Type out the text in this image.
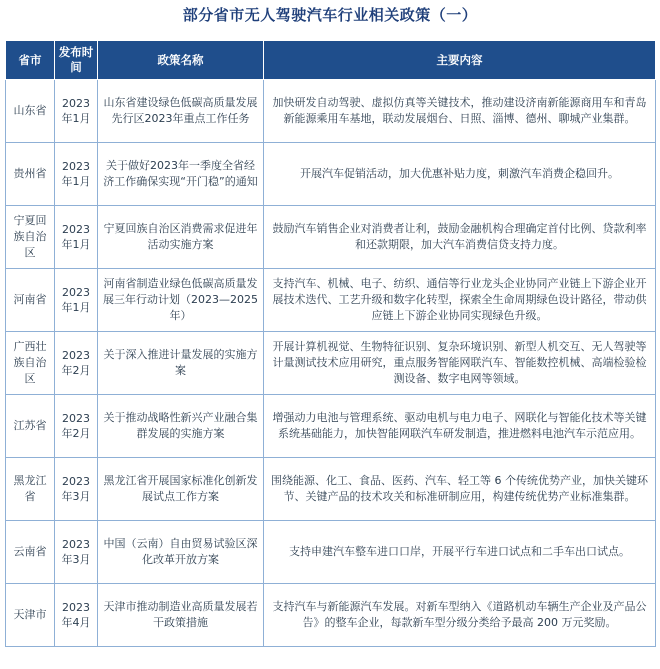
部分省市无人驾驶汽车行业相关政策（一）
省市	发布时间	政策名称	主要内容
山东省	2023年1月	山东省建设绿色低碳高质量发展先行区2023年重点工作任务	加快研发自动驾驶、虚拟仿真等关键技术，推动建设济南新能源商用车和青岛新能源乘用车基地，联动发展烟台、日照、淄博、德州、聊城产业集群。
贵州省	2023年1月	关于做好2023年一季度全省经济工作确保实现“开门稳”的通知	开展汽车促销活动，加大优惠补贴力度，刺激汽车消费企稳回升。
宁夏回族自治区	2023年1月	宁夏回族自治区消费需求促进年活动实施方案	鼓励汽车销售企业对消费者让利，鼓励金融机构合理确定首付比例、贷款利率和还款期限，加大汽车消费信贷支持力度。
河南省	2023年1月	河南省制造业绿色低碳高质量发展三年行动计划（2023—2025年）	支持汽车、机械、电子、纺织、通信等行业龙头企业协同产业链上下游企业开展技术迭代、工艺升级和数字化转型，探索全生命周期绿色设计路径，带动供应链上下游企业协同实现绿色升级。
广西壮族自治区	2023年2月	关于深入推进计量发展的实施方案	开展计算机视觉、生物特征识别、复杂环境识别、新型人机交互、无人驾驶等计量测试技术应用研究，重点服务智能网联汽车、智能数控机械、高端检验检测设备、数字电网等领域。
江苏省	2023年2月	关于推动战略性新兴产业融合集群发展的实施方案	增强动力电池与管理系统、驱动电机与电力电子、网联化与智能化技术等关键系统基础能力，加快智能网联汽车研发制造，推进燃料电池汽车示范应用。
黑龙江省	2023年3月	黑龙江省开展国家标准化创新发展试点工作方案	围绕能源、化工、食品、医药、汽车、轻工等 6 个传统优势产业，加快关键环节、关键产品的技术攻关和标准研制应用，构建传统优势产业标准集群。
云南省	2023年3月	中国（云南）自由贸易试验区深化改革开放方案	支持申建汽车整车进口口岸，开展平行车进口试点和二手车出口试点。
天津市	2023年4月	天津市推动制造业高质量发展若干政策措施	支持汽车与新能源汽车发展。对新车型纳入《道路机动车辆生产企业及产品公告》的整车企业，每款新车型分级分类给予最高 200 万元奖励。
